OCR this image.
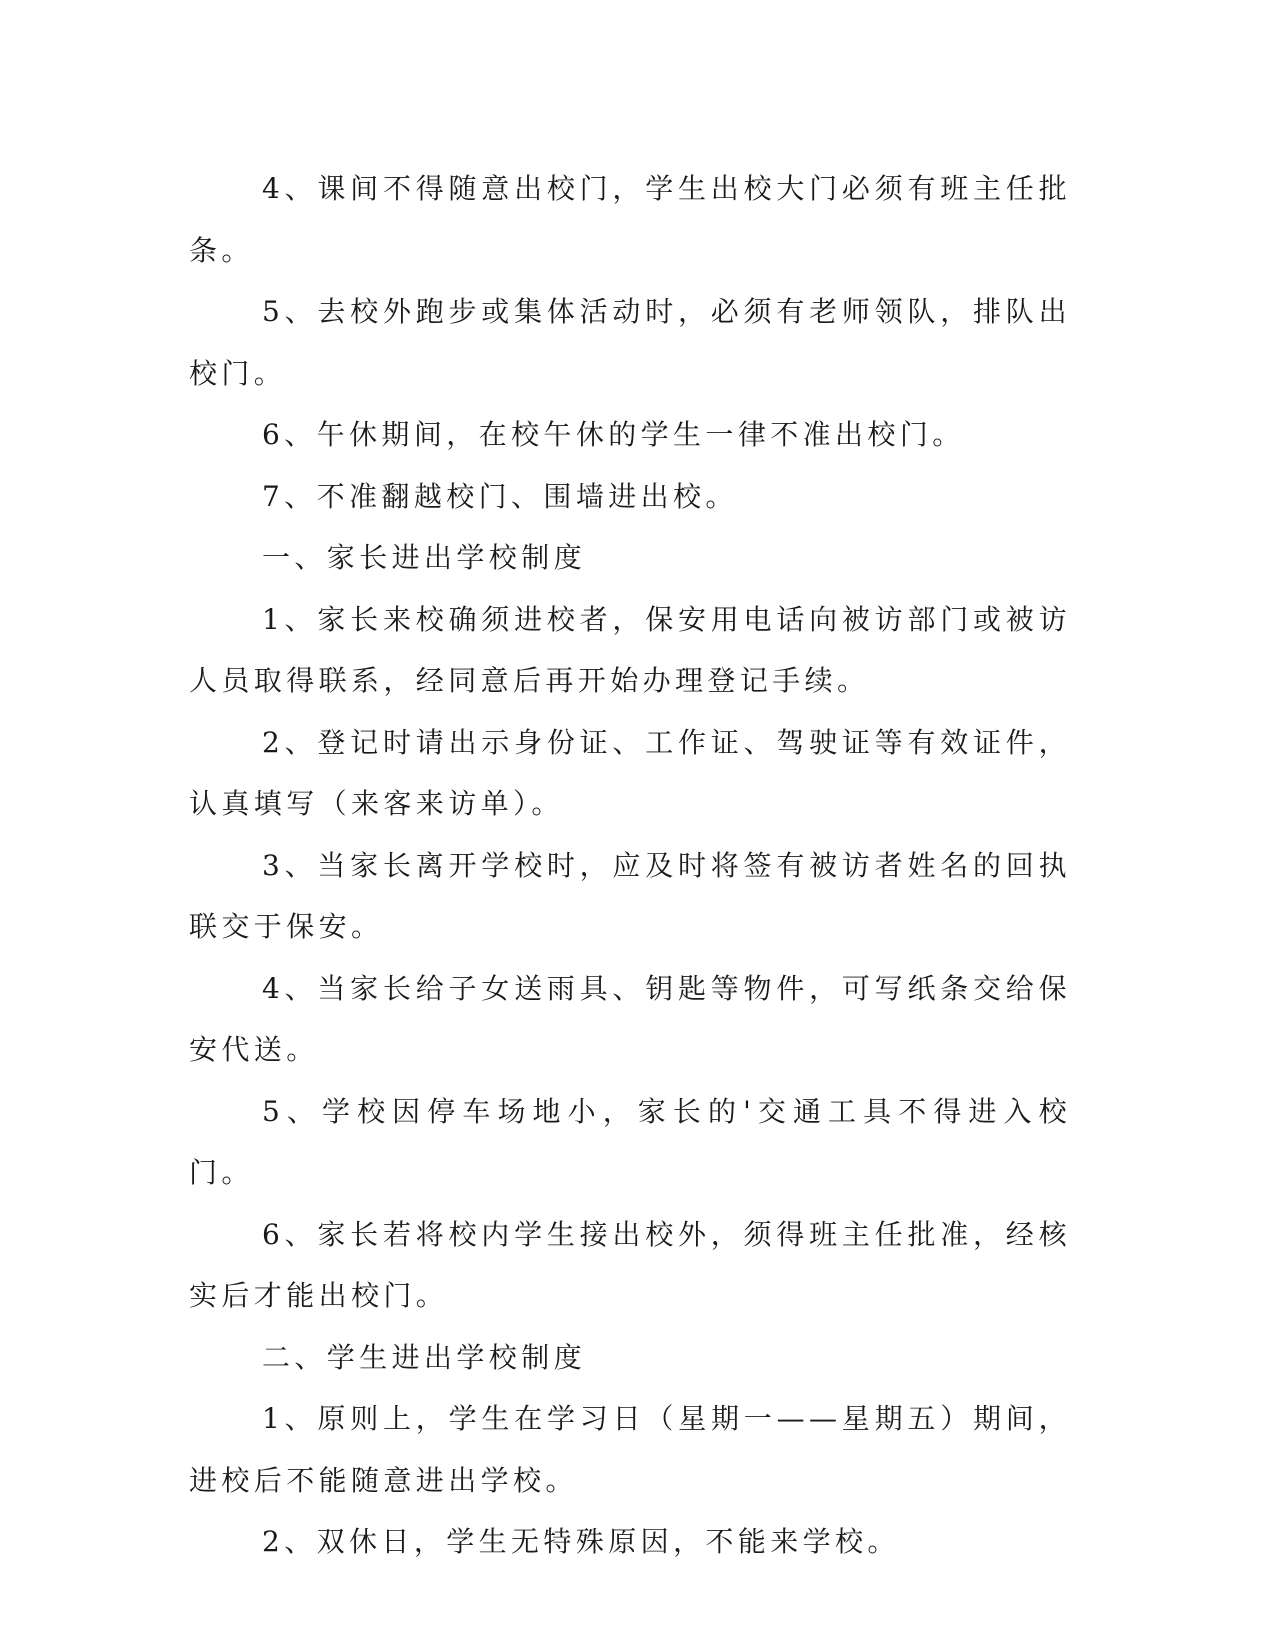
4、课间不得随意出校门，学生出校大门必须有班主任批条。

5、去校外跑步或集体活动时，必须有老师领队，排队出校门。

6、午休期间，在校午休的学生一律不准出校门。

7、不准翻越校门、围墙进出校。

一、家长进出学校制度

1、家长来校确须进校者，保安用电话向被访部门或被访人员取得联系，经同意后再开始办理登记手续。

2、登记时请出示身份证、工作证、驾驶证等有效证件，认真填写（来客来访单）。

3、当家长离开学校时，应及时将签有被访者姓名的回执联交于保安。

4、当家长给子女送雨具、钥匙等物件，可写纸条交给保安代送。

5、学校因停车场地小，家长的'交通工具不得进入校门。

6、家长若将校内学生接出校外，须得班主任批准，经核实后才能出校门。

二、学生进出学校制度

1、原则上，学生在学习日（星期一——星期五）期间，进校后不能随意进出学校。

2、双休日，学生无特殊原因，不能来学校。
